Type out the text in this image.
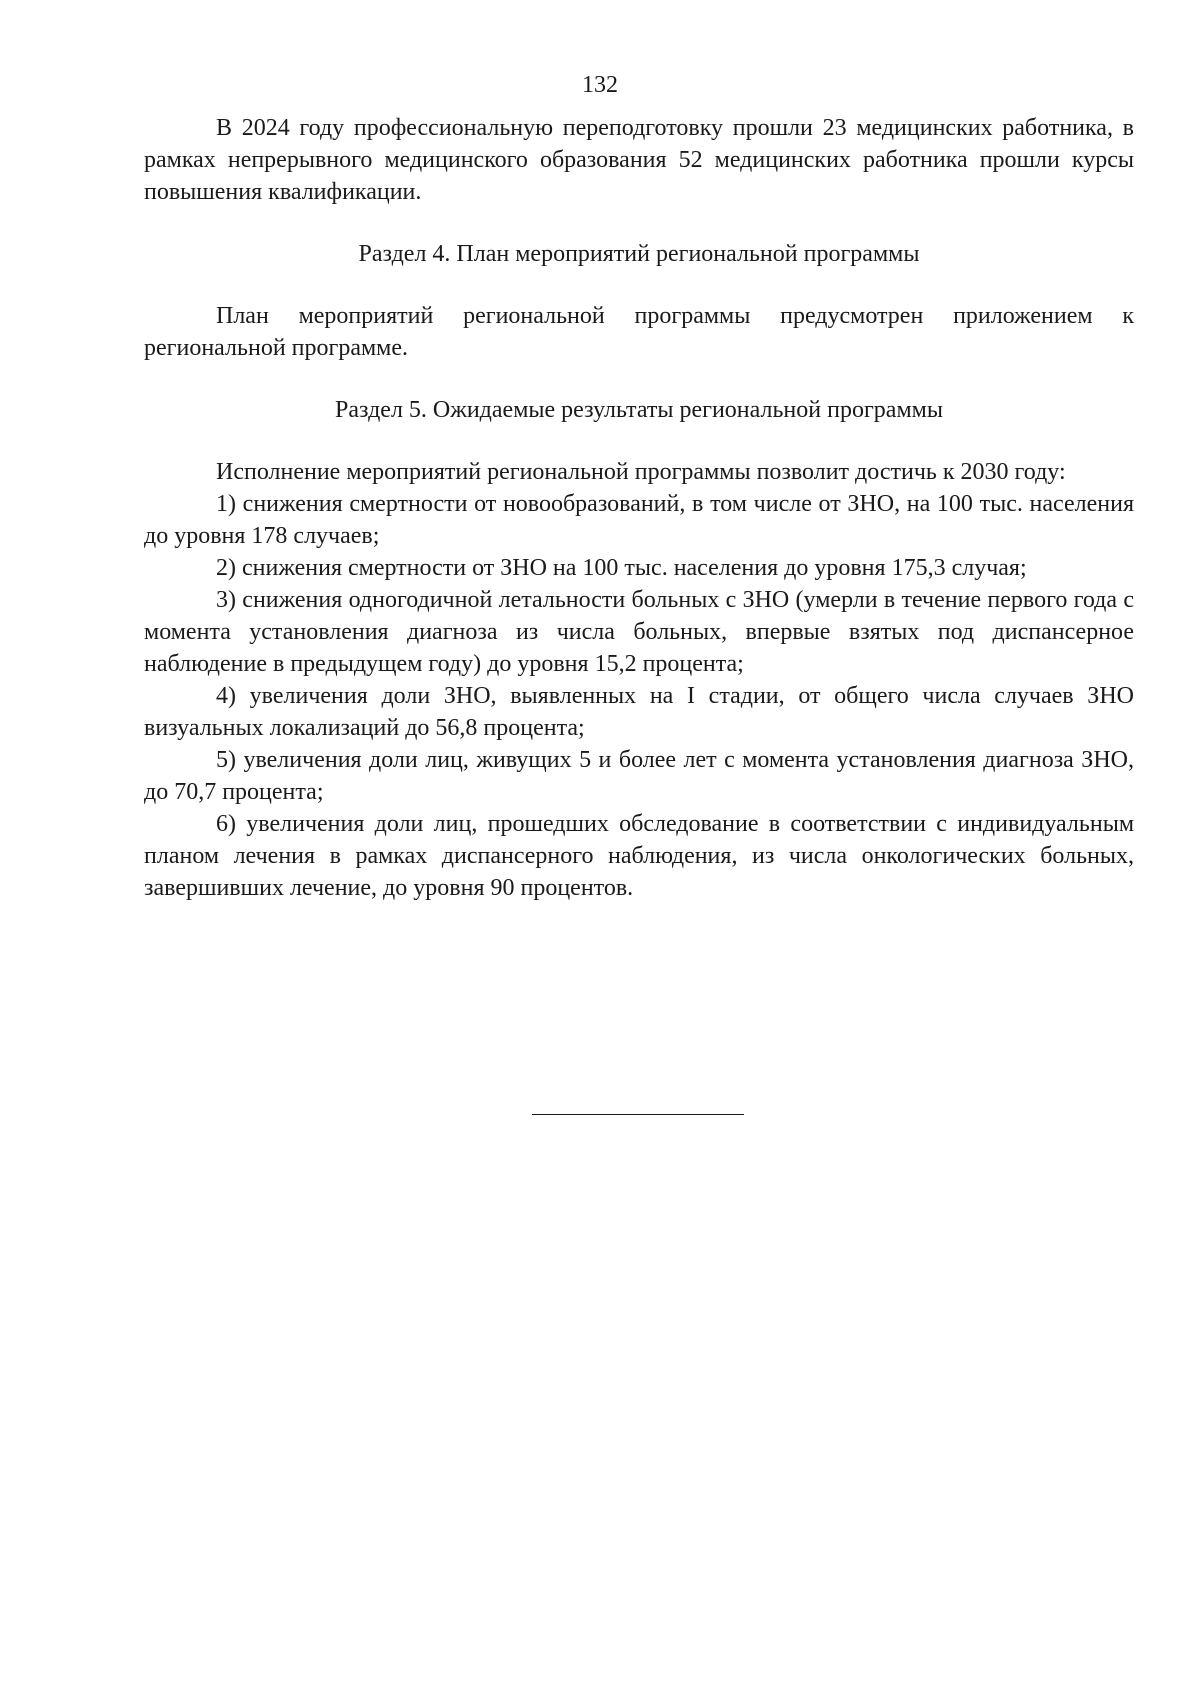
132

В 2024 году профессиональную переподготовку прошли 23 медицинских работника, в рамках непрерывного медицинского образования 52 медицинских работника прошли курсы повышения квалификации.

Раздел 4. План мероприятий региональной программы

План мероприятий региональной программы предусмотрен приложением к региональной программе.

Раздел 5. Ожидаемые результаты региональной программы

Исполнение мероприятий региональной программы позволит достичь к 2030 году:

1) снижения смертности от новообразований, в том числе от ЗНО, на 100 тыс. населения до уровня 178 случаев;

2) снижения смертности от ЗНО на 100 тыс. населения до уровня 175,3 случая;

3) снижения одногодичной летальности больных с ЗНО (умерли в течение первого года с момента установления диагноза из числа больных, впервые взятых под диспансерное наблюдение в предыдущем году) до уровня 15,2 процента;

4) увеличения доли ЗНО, выявленных на I стадии, от общего числа случаев ЗНО визуальных локализаций до 56,8 процента;

5) увеличения доли лиц, живущих 5 и более лет с момента установления диагноза ЗНО, до 70,7 процента;

6) увеличения доли лиц, прошедших обследование в соответствии с индивидуальным планом лечения в рамках диспансерного наблюдения, из числа онкологических больных, завершивших лечение, до уровня 90 процентов.
